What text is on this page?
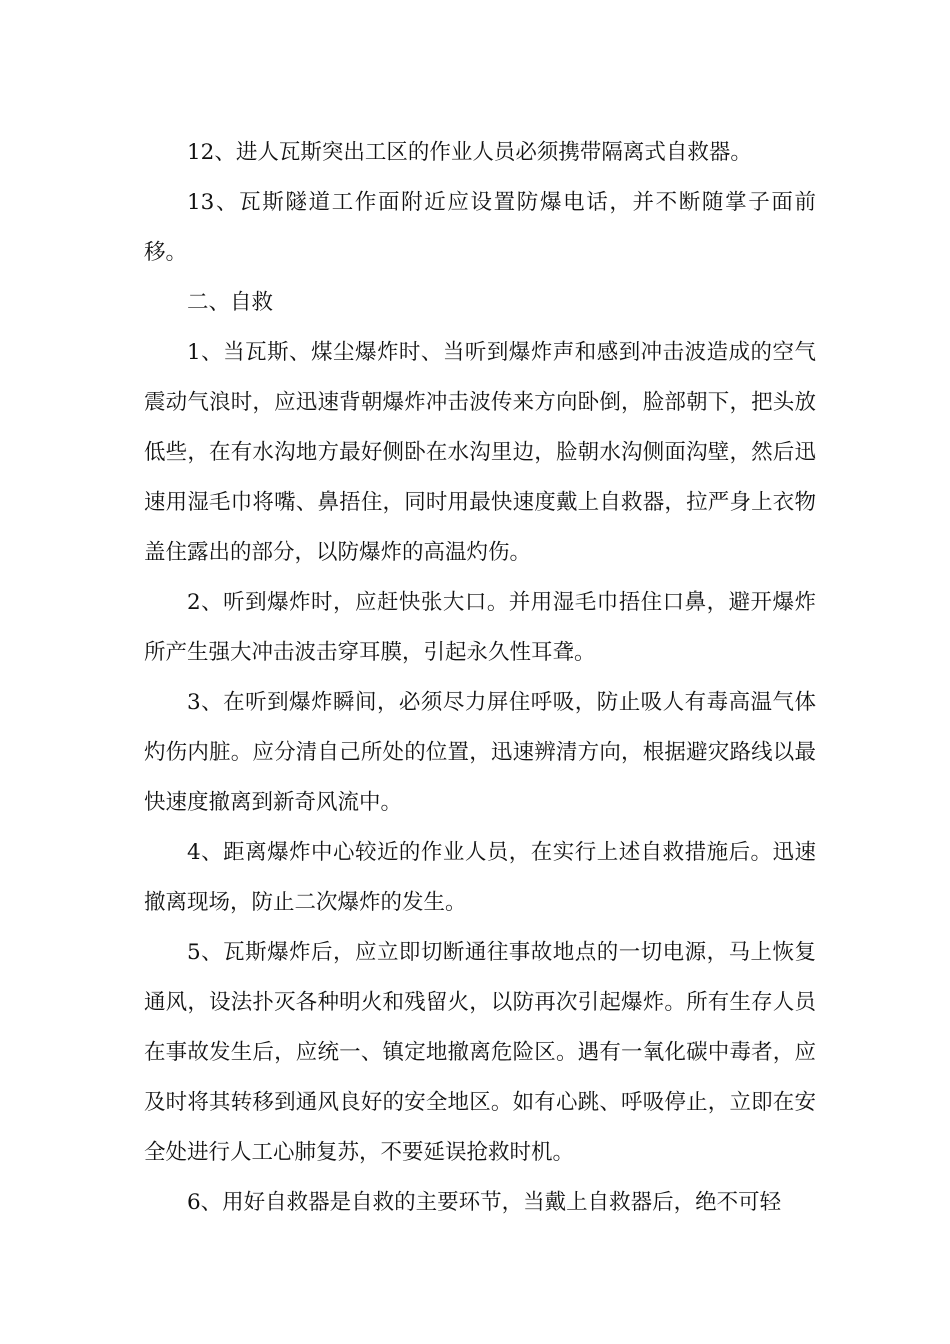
12、进人瓦斯突出工区的作业人员必须携带隔离式自救器。

13、瓦斯隧道工作面附近应设置防爆电话，并不断随掌子面前移。

二、自救

1、当瓦斯、煤尘爆炸时、当听到爆炸声和感到冲击波造成的空气震动气浪时，应迅速背朝爆炸冲击波传来方向卧倒，脸部朝下，把头放低些，在有水沟地方最好侧卧在水沟里边，脸朝水沟侧面沟壁，然后迅速用湿毛巾将嘴、鼻捂住，同时用最快速度戴上自救器，拉严身上衣物盖住露出的部分，以防爆炸的高温灼伤。

2、听到爆炸时，应赶快张大口。并用湿毛巾捂住口鼻，避开爆炸所产生强大冲击波击穿耳膜，引起永久性耳聋。

3、在听到爆炸瞬间，必须尽力屏住呼吸，防止吸人有毒高温气体灼伤内脏。应分清自己所处的位置，迅速辨清方向，根据避灾路线以最快速度撤离到新奇风流中。

4、距离爆炸中心较近的作业人员，在实行上述自救措施后。迅速撤离现场，防止二次爆炸的发生。

5、瓦斯爆炸后，应立即切断通往事故地点的一切电源，马上恢复通风，设法扑灭各种明火和残留火，以防再次引起爆炸。所有生存人员在事故发生后，应统一、镇定地撤离危险区。遇有一氧化碳中毒者，应及时将其转移到通风良好的安全地区。如有心跳、呼吸停止，立即在安全处进行人工心肺复苏，不要延误抢救时机。

6、用好自救器是自救的主要环节，当戴上自救器后，绝不可轻
